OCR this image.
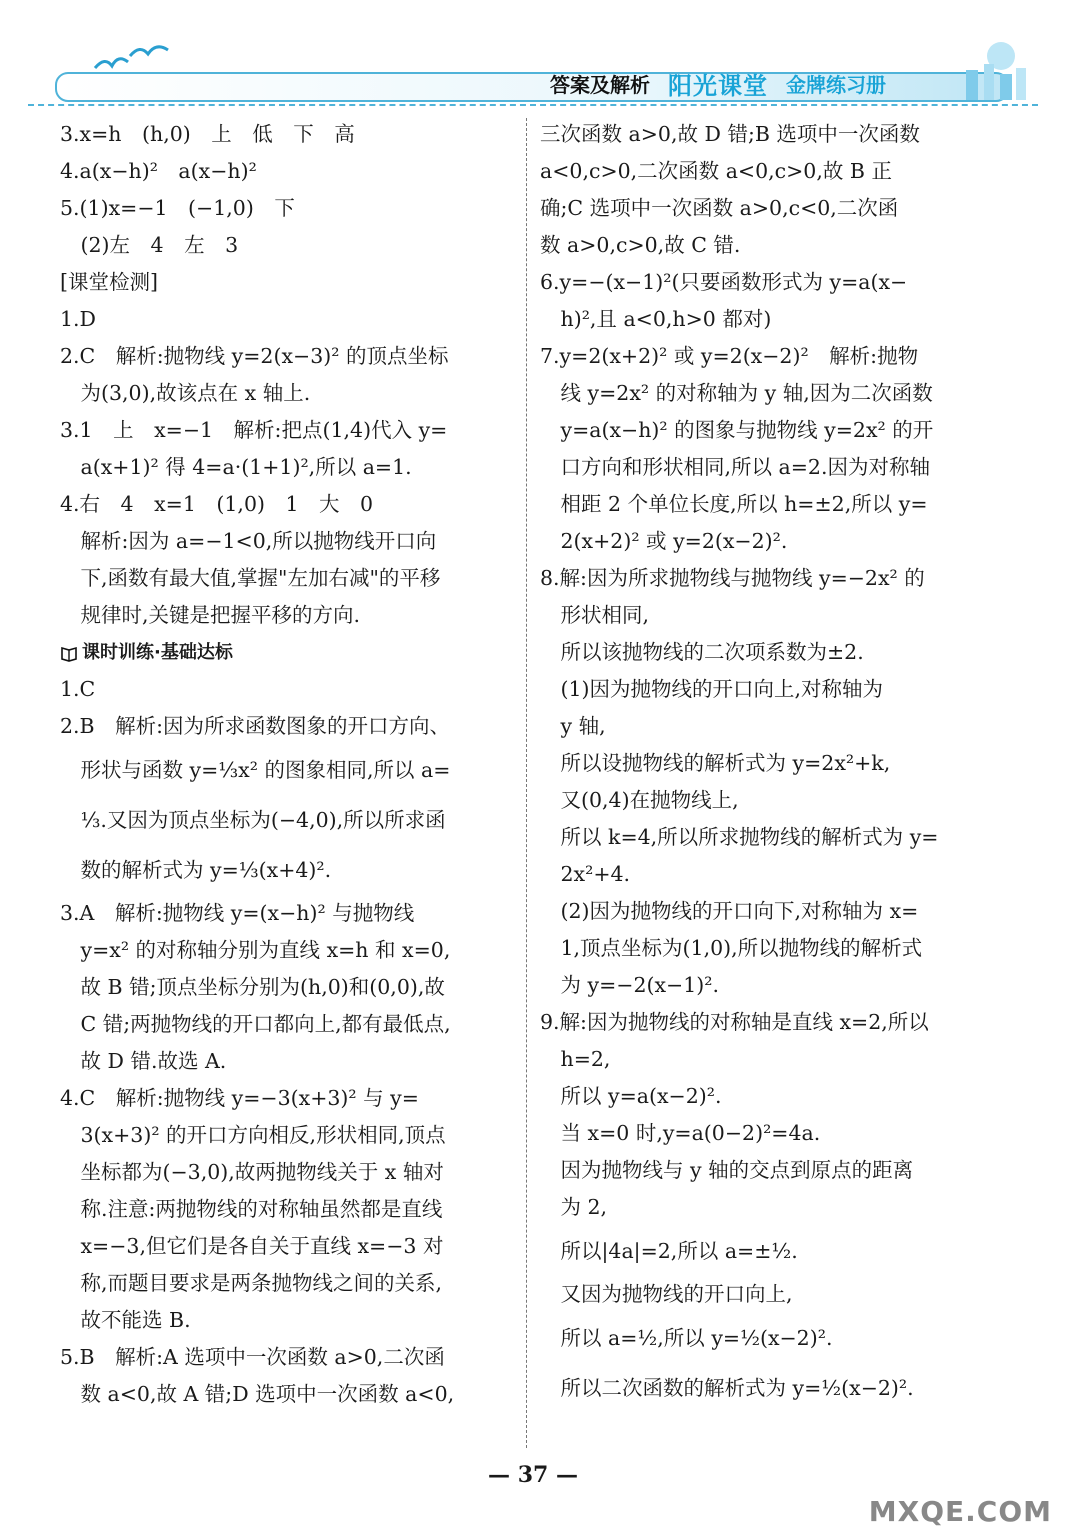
答案及解析 阳光课堂 金牌练习册
3.x=h　(h,0)　上　低　下　高
4.a(x−h)²　a(x−h)²
5.(1)x=−1　(−1,0)　下
　(2)左　4　左　3
[课堂检测]
1.D
2.C　解析:抛物线 y=2(x−3)² 的顶点坐标
　为(3,0),故该点在 x 轴上.
3.1　上　x=−1　解析:把点(1,4)代入 y=
　a(x+1)² 得 4=a·(1+1)²,所以 a=1.
4.右　4　x=1　(1,0)　1　大　0
　解析:因为 a=−1<0,所以抛物线开口向
　下,函数有最大值,掌握"左加右减"的平移
　规律时,关键是把握平移的方向.
课时训练·基础达标
1.C
2.B　解析:因为所求函数图象的开口方向、
　形状与函数 y=⅓x² 的图象相同,所以 a=
　⅓.又因为顶点坐标为(−4,0),所以所求函
　数的解析式为 y=⅓(x+4)².
3.A　解析:抛物线 y=(x−h)² 与抛物线
　y=x² 的对称轴分别为直线 x=h 和 x=0,
　故 B 错;顶点坐标分别为(h,0)和(0,0),故
　C 错;两抛物线的开口都向上,都有最低点,
　故 D 错.故选 A.
4.C　解析:抛物线 y=−3(x+3)² 与 y=
　3(x+3)² 的开口方向相反,形状相同,顶点
　坐标都为(−3,0),故两抛物线关于 x 轴对
　称.注意:两抛物线的对称轴虽然都是直线
　x=−3,但它们是各自关于直线 x=−3 对
　称,而题目要求是两条抛物线之间的关系,
　故不能选 B.
5.B　解析:A 选项中一次函数 a>0,二次函
　数 a<0,故 A 错;D 选项中一次函数 a<0,
三次函数 a>0,故 D 错;B 选项中一次函数
a<0,c>0,二次函数 a<0,c>0,故 B 正
确;C 选项中一次函数 a>0,c<0,二次函
数 a>0,c>0,故 C 错.
6.y=−(x−1)²(只要函数形式为 y=a(x−
　h)²,且 a<0,h>0 都对)
7.y=2(x+2)² 或 y=2(x−2)²　解析:抛物
　线 y=2x² 的对称轴为 y 轴,因为二次函数
　y=a(x−h)² 的图象与抛物线 y=2x² 的开
　口方向和形状相同,所以 a=2.因为对称轴
　相距 2 个单位长度,所以 h=±2,所以 y=
　2(x+2)² 或 y=2(x−2)².
8.解:因为所求抛物线与抛物线 y=−2x² 的
　形状相同,
　所以该抛物线的二次项系数为±2.
　(1)因为抛物线的开口向上,对称轴为
　y 轴,
　所以设抛物线的解析式为 y=2x²+k,
　又(0,4)在抛物线上,
　所以 k=4,所以所求抛物线的解析式为 y=
　2x²+4.
　(2)因为抛物线的开口向下,对称轴为 x=
　1,顶点坐标为(1,0),所以抛物线的解析式
　为 y=−2(x−1)².
9.解:因为抛物线的对称轴是直线 x=2,所以
　h=2,
　所以 y=a(x−2)².
　当 x=0 时,y=a(0−2)²=4a.
　因为抛物线与 y 轴的交点到原点的距离
　为 2,
　所以|4a|=2,所以 a=±½.
　又因为抛物线的开口向上,
　所以 a=½,所以 y=½(x−2)².
　所以二次函数的解析式为 y=½(x−2)².
— 37 —
MXQE.COM
